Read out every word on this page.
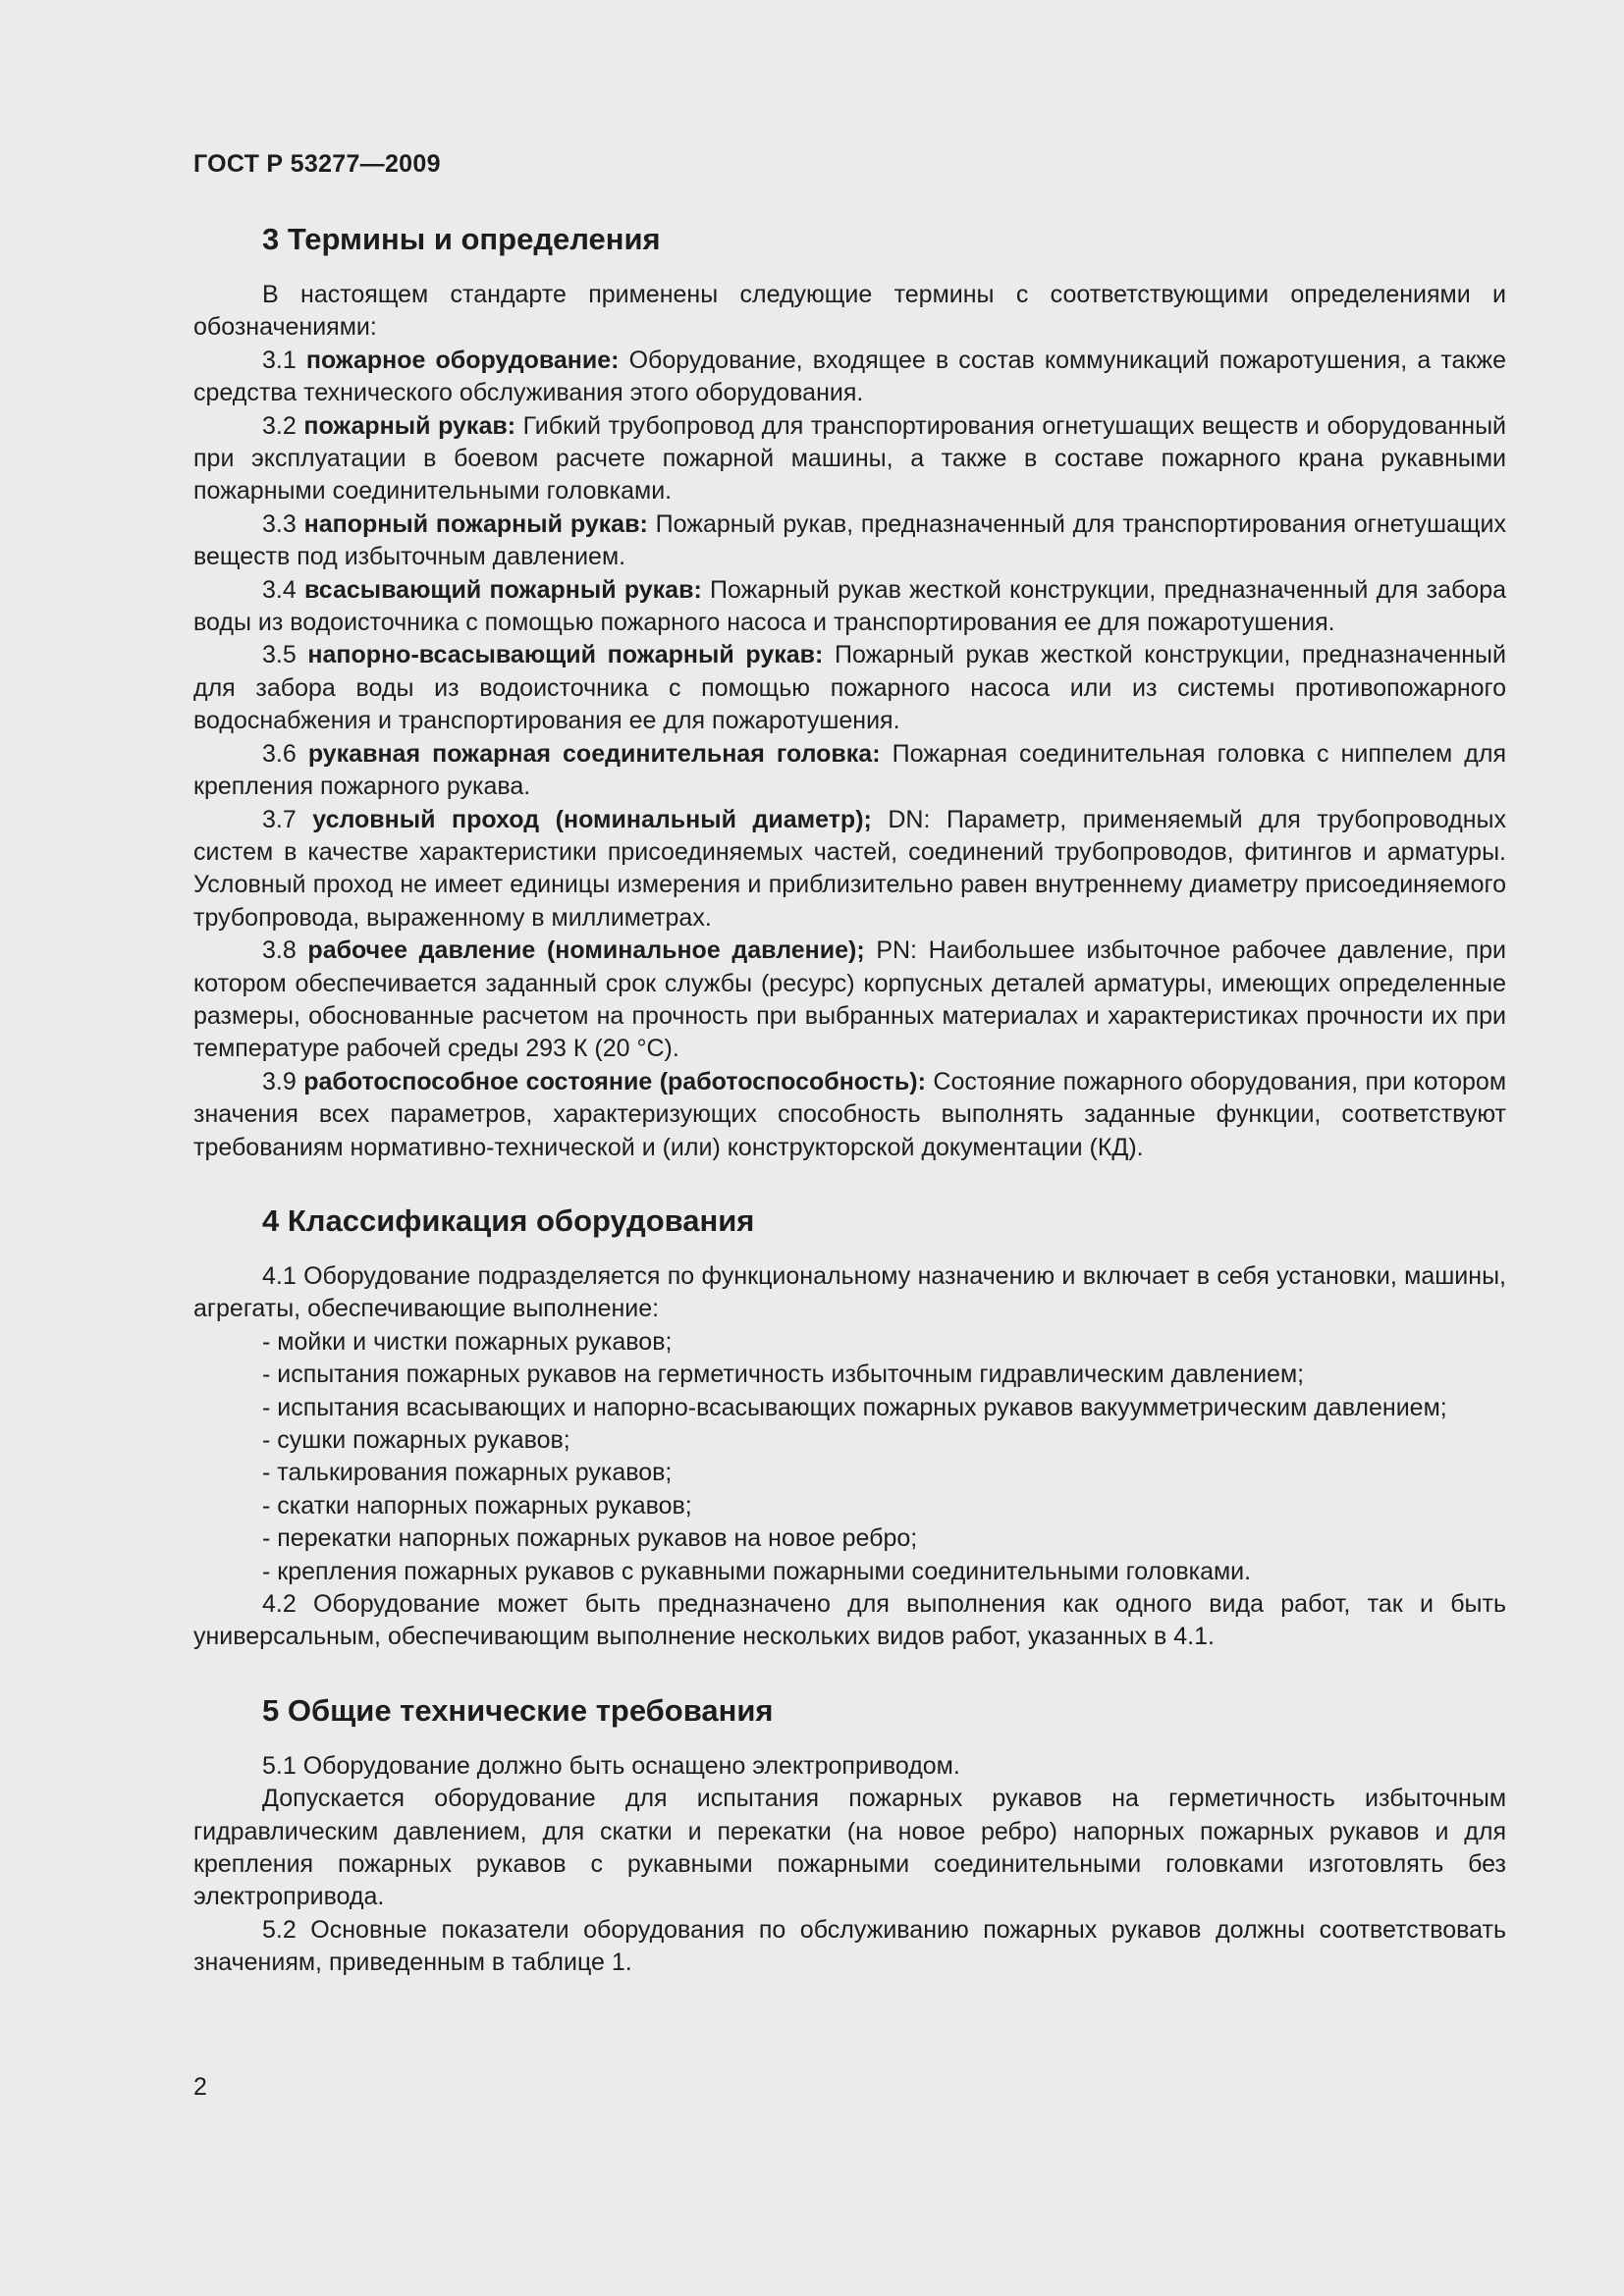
ГОСТ Р 53277—2009

3 Термины и определения

В настоящем стандарте применены следующие термины с соответствующими определениями и обозначениями:

3.1 пожарное оборудование: Оборудование, входящее в состав коммуникаций пожаротушения, а также средства технического обслуживания этого оборудования.

3.2 пожарный рукав: Гибкий трубопровод для транспортирования огнетушащих веществ и оборудованный при эксплуатации в боевом расчете пожарной машины, а также в составе пожарного крана рукавными пожарными соединительными головками.

3.3 напорный пожарный рукав: Пожарный рукав, предназначенный для транспортирования огнетушащих веществ под избыточным давлением.

3.4 всасывающий пожарный рукав: Пожарный рукав жесткой конструкции, предназначенный для забора воды из водоисточника с помощью пожарного насоса и транспортирования ее для пожаротушения.

3.5 напорно-всасывающий пожарный рукав: Пожарный рукав жесткой конструкции, предназначенный для забора воды из водоисточника с помощью пожарного насоса или из системы противопожарного водоснабжения и транспортирования ее для пожаротушения.

3.6 рукавная пожарная соединительная головка: Пожарная соединительная головка с ниппелем для крепления пожарного рукава.

3.7 условный проход (номинальный диаметр); DN: Параметр, применяемый для трубопроводных систем в качестве характеристики присоединяемых частей, соединений трубопроводов, фитингов и арматуры. Условный проход не имеет единицы измерения и приблизительно равен внутреннему диаметру присоединяемого трубопровода, выраженному в миллиметрах.

3.8 рабочее давление (номинальное давление); PN: Наибольшее избыточное рабочее давление, при котором обеспечивается заданный срок службы (ресурс) корпусных деталей арматуры, имеющих определенные размеры, обоснованные расчетом на прочность при выбранных материалах и характеристиках прочности их при температуре рабочей среды 293 К (20 °С).

3.9 работоспособное состояние (работоспособность): Состояние пожарного оборудования, при котором значения всех параметров, характеризующих способность выполнять заданные функции, соответствуют требованиям нормативно-технической и (или) конструкторской документации (КД).

4 Классификация оборудования

4.1 Оборудование подразделяется по функциональному назначению и включает в себя установки, машины, агрегаты, обеспечивающие выполнение:

- мойки и чистки пожарных рукавов;

- испытания пожарных рукавов на герметичность избыточным гидравлическим давлением;

- испытания всасывающих и напорно-всасывающих пожарных рукавов вакуумметрическим давлением;

- сушки пожарных рукавов;

- талькирования пожарных рукавов;

- скатки напорных пожарных рукавов;

- перекатки напорных пожарных рукавов на новое ребро;

- крепления пожарных рукавов с рукавными пожарными соединительными головками.

4.2 Оборудование может быть предназначено для выполнения как одного вида работ, так и быть универсальным, обеспечивающим выполнение нескольких видов работ, указанных в 4.1.

5 Общие технические требования

5.1 Оборудование должно быть оснащено электроприводом.

Допускается оборудование для испытания пожарных рукавов на герметичность избыточным гидравлическим давлением, для скатки и перекатки (на новое ребро) напорных пожарных рукавов и для крепления пожарных рукавов с рукавными пожарными соединительными головками изготовлять без электропривода.

5.2 Основные показатели оборудования по обслуживанию пожарных рукавов должны соответствовать значениям, приведенным в таблице 1.

2
